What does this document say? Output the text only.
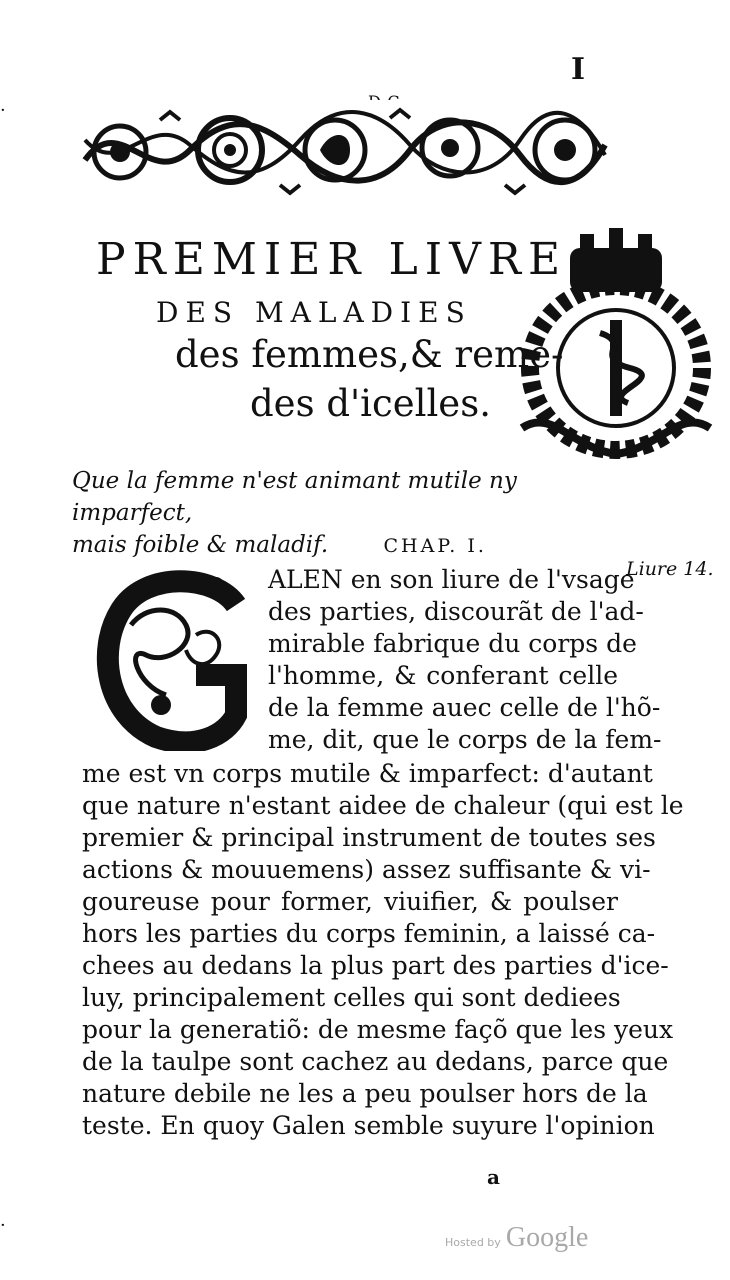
I
PREMIER LIVRE
DES MALADIES
des femmes,& reme-
des d'icelles.
Que la femme n'est animant mutile ny imparfect,
mais foible & maladif.	CHAP. I.
Liure 14.
ALEN en son liure de l'vsage
des parties, discourãt de l'ad-
mirable fabrique du corps de
l'homme, & conferant celle
de la femme auec celle de l'hõ-
me, dit, que le corps de la fem-
me est vn corps mutile & imparfect: d'autant
que nature n'estant aidee de chaleur (qui est le
premier & principal instrument de toutes ses
actions & mouuemens) assez suffisante & vi-
goureuse pour former, viuifier, & poulser
hors les parties du corps feminin, a laissé ca-
chees au dedans la plus part des parties d'ice-
luy, principalement celles qui sont dediees
pour la generatiõ: de mesme façõ que les yeux
de la taulpe sont cachez au dedans, parce que
nature debile ne les a peu poulser hors de la
teste. En quoy Galen semble suyure l'opinion
a
·
·
Hosted by Google
